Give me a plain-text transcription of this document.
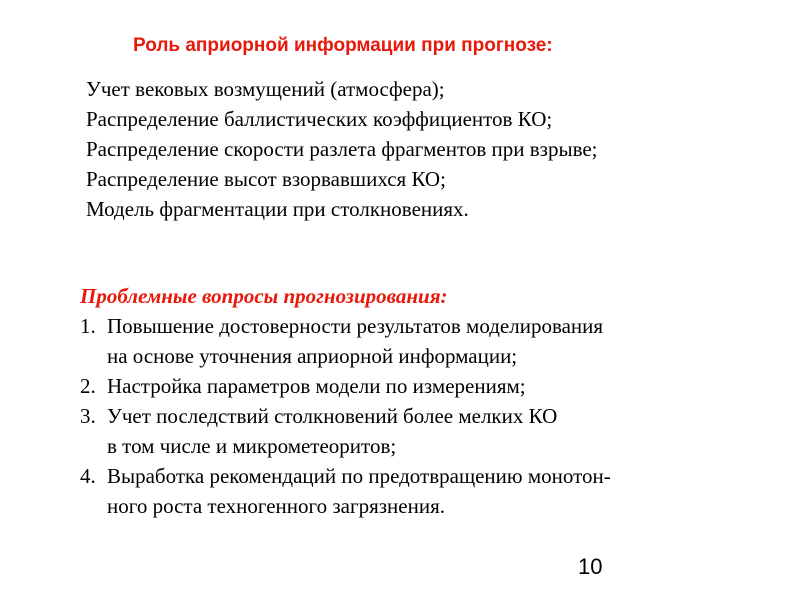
Роль априорной информации при прогнозе:
Учет вековых возмущений (атмосфера);
Распределение баллистических коэффициентов КО;
Распределение скорости разлета фрагментов при взрыве;
Распределение высот взорвавшихся КО;
Модель фрагментации при столкновениях.
Проблемные вопросы прогнозирования:
1. Повышение достоверности результатов моделирования
на основе уточнения априорной информации;
2. Настройка параметров модели по измерениям;
3. Учет последствий столкновений более мелких КО
в том числе и микрометеоритов;
4. Выработка рекомендаций по предотвращению монотон-
ного роста техногенного загрязнения.
10
